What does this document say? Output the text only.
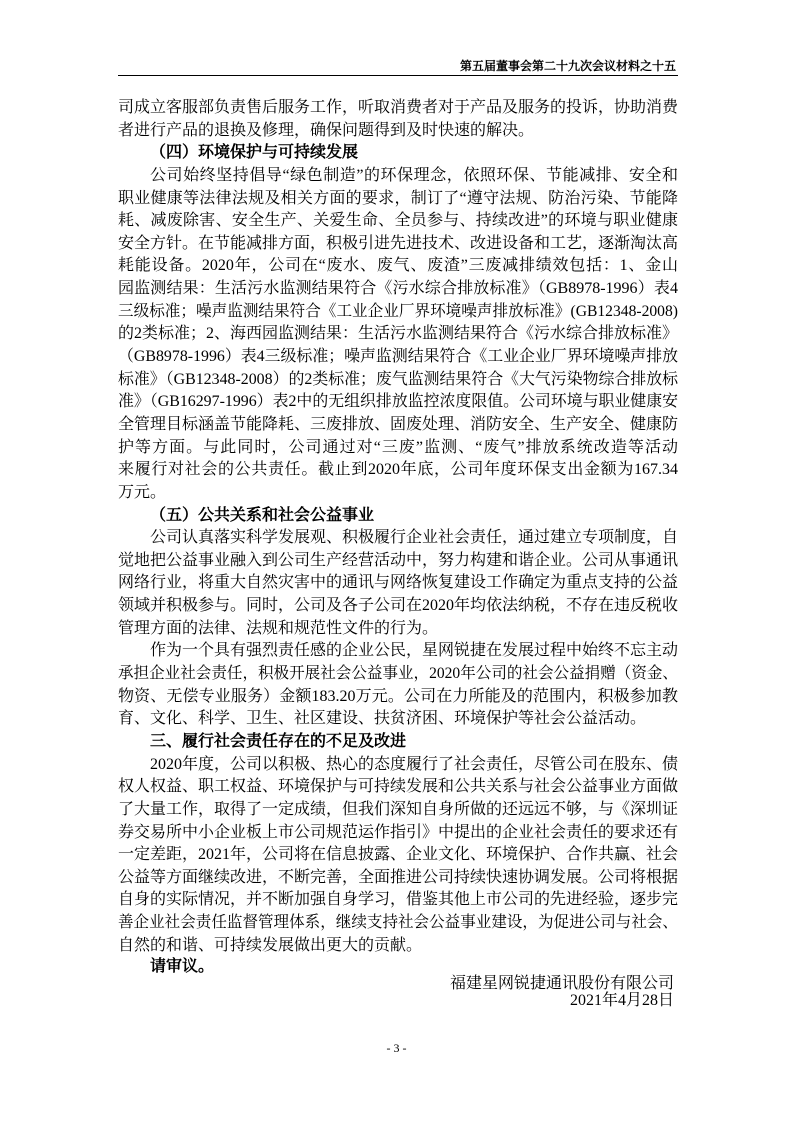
第五届董事会第二十九次会议材料之十五
司成立客服部负责售后服务工作，听取消费者对于产品及服务的投诉，协助消费
者进行产品的退换及修理，确保问题得到及时快速的解决。
（四）环境保护与可持续发展
公司始终坚持倡导“绿色制造”的环保理念，依照环保、节能减排、安全和
职业健康等法律法规及相关方面的要求，制订了“遵守法规、防治污染、节能降
耗、减废除害、安全生产、关爱生命、全员参与、持续改进”的环境与职业健康
安全方针。在节能减排方面，积极引进先进技术、改进设备和工艺，逐渐淘汰高
耗能设备。2020年，公司在“废水、废气、废渣”三废减排绩效包括：1、金山
园监测结果：生活污水监测结果符合《污水综合排放标准》（GB8978-1996）表4
三级标准；噪声监测结果符合《工业企业厂界环境噪声排放标准》(GB12348-2008)
的2类标准；2、海西园监测结果：生活污水监测结果符合《污水综合排放标准》
（GB8978-1996）表4三级标准；噪声监测结果符合《工业企业厂界环境噪声排放
标准》（GB12348-2008）的2类标准；废气监测结果符合《大气污染物综合排放标
准》（GB16297-1996）表2中的无组织排放监控浓度限值。公司环境与职业健康安
全管理目标涵盖节能降耗、三废排放、固废处理、消防安全、生产安全、健康防
护等方面。与此同时，公司通过对“三废”监测、“废气”排放系统改造等活动
来履行对社会的公共责任。截止到2020年底，公司年度环保支出金额为167.34
万元。
（五）公共关系和社会公益事业
公司认真落实科学发展观、积极履行企业社会责任，通过建立专项制度，自
觉地把公益事业融入到公司生产经营活动中，努力构建和谐企业。公司从事通讯
网络行业，将重大自然灾害中的通讯与网络恢复建设工作确定为重点支持的公益
领域并积极参与。同时，公司及各子公司在2020年均依法纳税，不存在违反税收
管理方面的法律、法规和规范性文件的行为。
作为一个具有强烈责任感的企业公民，星网锐捷在发展过程中始终不忘主动
承担企业社会责任，积极开展社会公益事业，2020年公司的社会公益捐赠（资金、
物资、无偿专业服务）金额183.20万元。公司在力所能及的范围内，积极参加教
育、文化、科学、卫生、社区建设、扶贫济困、环境保护等社会公益活动。
三、履行社会责任存在的不足及改进
2020年度，公司以积极、热心的态度履行了社会责任，尽管公司在股东、债
权人权益、职工权益、环境保护与可持续发展和公共关系与社会公益事业方面做
了大量工作，取得了一定成绩，但我们深知自身所做的还远远不够，与《深圳证
券交易所中小企业板上市公司规范运作指引》中提出的企业社会责任的要求还有
一定差距，2021年，公司将在信息披露、企业文化、环境保护、合作共赢、社会
公益等方面继续改进，不断完善，全面推进公司持续快速协调发展。公司将根据
自身的实际情况，并不断加强自身学习，借鉴其他上市公司的先进经验，逐步完
善企业社会责任监督管理体系，继续支持社会公益事业建设，为促进公司与社会、
自然的和谐、可持续发展做出更大的贡献。
请审议。
福建星网锐捷通讯股份有限公司
2021年4月28日
- 3 -
